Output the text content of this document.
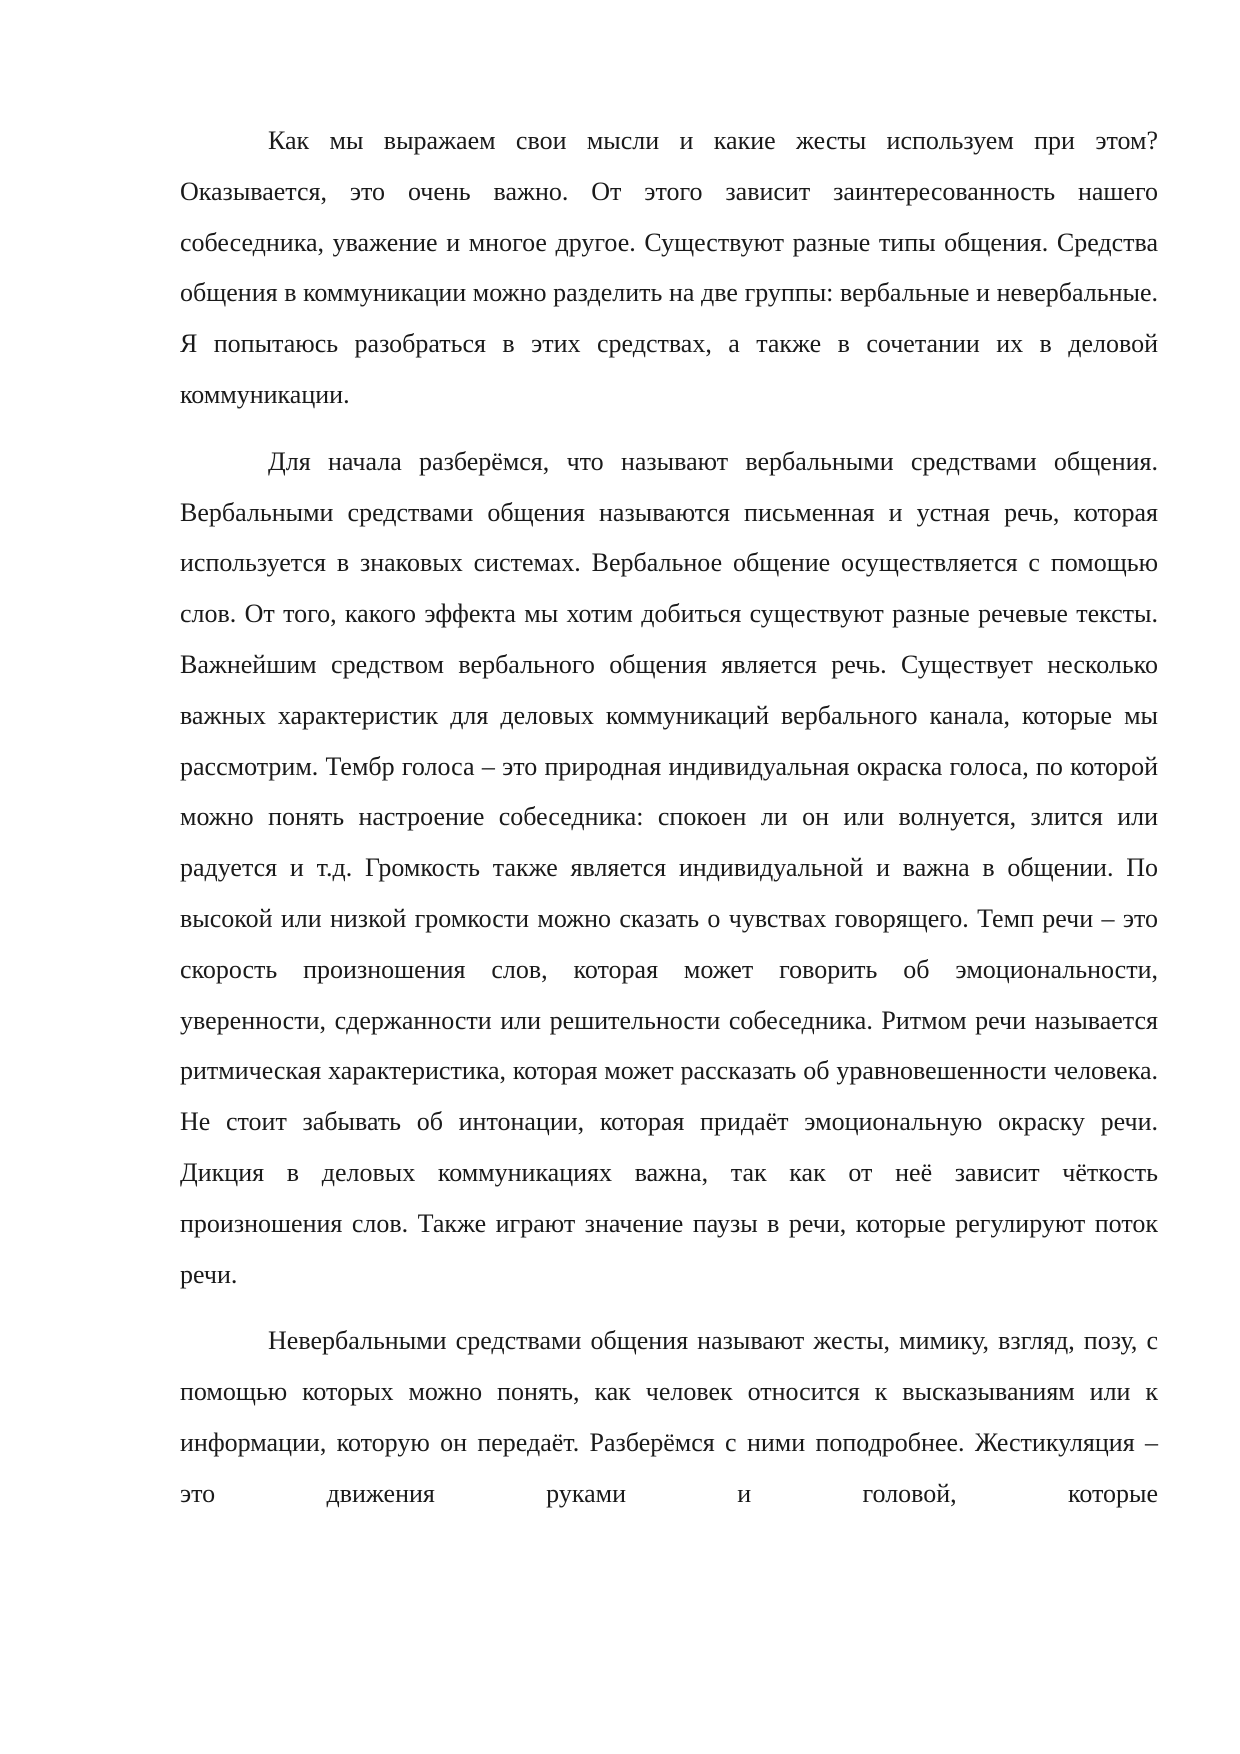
Как мы выражаем свои мысли и какие жесты используем при этом? Оказывается, это очень важно. От этого зависит заинтересованность нашего собеседника, уважение и многое другое. Существуют разные типы общения. Средства общения в коммуникации можно разделить на две группы: вербальные и невербальные. Я попытаюсь разобраться в этих средствах, а также в сочетании их в деловой коммуникации.

Для начала разберёмся, что называют вербальными средствами общения. Вербальными средствами общения называются письменная и устная речь, которая используется в знаковых системах. Вербальное общение осуществляется с помощью слов. От того, какого эффекта мы хотим добиться существуют разные речевые тексты. Важнейшим средством вербального общения является речь. Существует несколько важных характеристик для деловых коммуникаций вербального канала, которые мы рассмотрим. Тембр голоса – это природная индивидуальная окраска голоса, по которой можно понять настроение собеседника: спокоен ли он или волнуется, злится или радуется и т.д. Громкость также является индивидуальной и важна в общении. По высокой или низкой громкости можно сказать о чувствах говорящего. Темп речи – это скорость произношения слов, которая может говорить об эмоциональности, уверенности, сдержанности или решительности собеседника. Ритмом речи называется ритмическая характеристика, которая может рассказать об уравновешенности человека. Не стоит забывать об интонации, которая придаёт эмоциональную окраску речи. Дикция в деловых коммуникациях важна, так как от неё зависит чёткость произношения слов. Также играют значение паузы в речи, которые регулируют поток речи.

Невербальными средствами общения называют жесты, мимику, взгляд, позу, с помощью которых можно понять, как человек относится к высказываниям или к информации, которую он передаёт. Разберёмся с ними поподробнее. Жестикуляция – это движения руками и головой, которые
